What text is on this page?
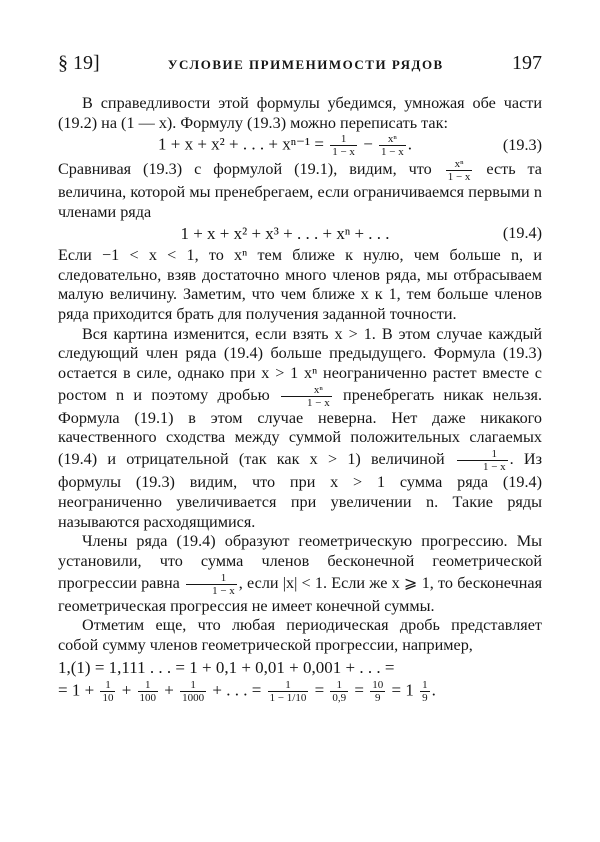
§ 19]	УСЛОВИЕ ПРИМЕНИМОСТИ РЯДОВ	197

В справедливости этой формулы убедимся, умножая обе части (19.2) на (1 — x). Формулу (19.3) можно переписать так:

1 + x + x² + . . . + $x^{n-1} = \frac{1}{1 - x} - \frac{\text{xⁿ}}{1 - x}$ .	(19.3)

Сравнивая (19.3) с формулой (19.1), видим, что $\frac{\text{xⁿ}}{1 - x}$ есть та величина, которой мы пренебрегаем, если ограничиваемся первыми n членами ряда

1 + x + x² + x³ + . . . + xⁿ + . . .	(19.4)

Если −1 < x < 1, то xⁿ тем ближе к нулю, чем больше n, и следовательно, взяв достаточно много членов ряда, мы отбрасываем малую величину. Заметим, что чем ближе x к 1, тем больше членов ряда приходится брать для получения заданной точности.

Вся картина изменится, если взять x > 1. В этом случае каждый следующий член ряда (19.4) больше предыдущего. Формула (19.3) остается в силе, однако при x > 1 xⁿ неограниченно растет вместе с ростом n и поэтому дробью $\frac{\text{xⁿ}}{1 - x}$ пренебрегать никак нельзя. Формула (19.1) в этом случае неверна. Нет даже никакого качественного сходства между суммой положительных слагаемых (19.4) и отрицательной (так как x > 1) величиной $\frac{1}{1 - x}$ . Из формулы (19.3) видим, что при x > 1 сумма ряда (19.4) неограниченно увеличивается при увеличении n. Такие ряды называются расходящимися.

Члены ряда (19.4) образуют геометрическую прогрессию. Мы установили, что сумма членов бесконечной геометрической прогрессии равна $\frac{1}{1 - x}$ , если |x| < 1. Если же x ⩾ 1, то бесконечная геометрическая прогрессия не имеет конечной суммы.

Отметим еще, что любая периодическая дробь представляет собой сумму членов геометрической прогрессии, например,

1,(1) = 1,111 . . . = 1 + 0,1 + 0,01 + 0,001 + . . . =
= $1 + \frac{1}{10} + \frac{1}{100} + \frac{1}{1000}$ + . . . = $\frac{1}{1 - 1/10} = \frac{1}{0,9} = \frac{10}{9} = 1 \frac{1}{9}$ .
